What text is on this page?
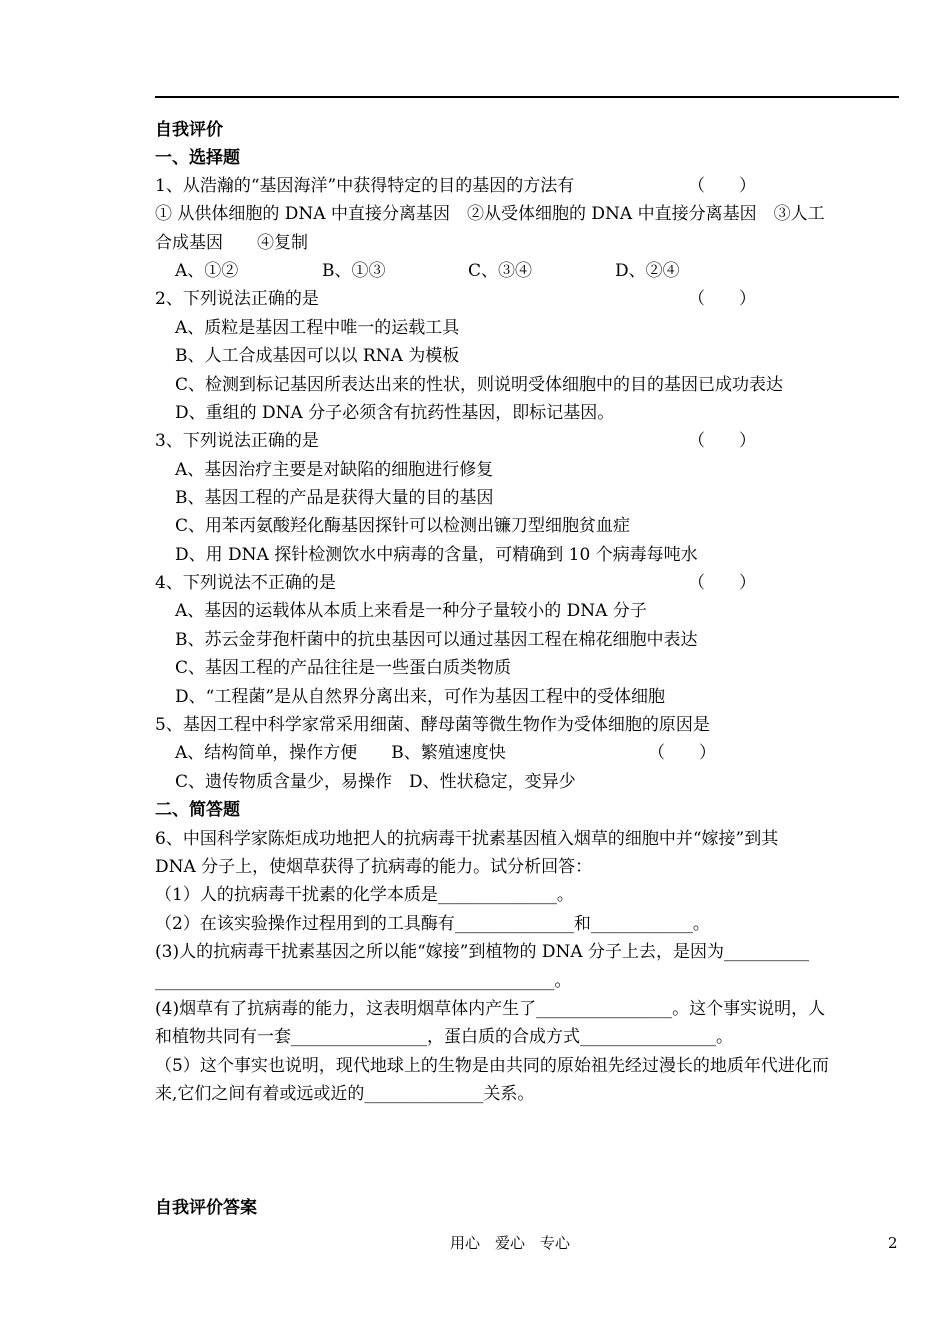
自我评价
一、选择题
1、从浩瀚的“基因海洋”中获得特定的目的基因的方法有	（　　）
① 从供体细胞的 DNA 中直接分离基因　②从受体细胞的 DNA 中直接分离基因　③人工
合成基因　　④复制
A、①②	B、①③	C、③④	D、②④
2、下列说法正确的是	（　　）
A、质粒是基因工程中唯一的运载工具
B、人工合成基因可以以 RNA 为模板
C、检测到标记基因所表达出来的性状，则说明受体细胞中的目的基因已成功表达
D、重组的 DNA 分子必须含有抗药性基因，即标记基因。
3、下列说法正确的是	（　　）
A、基因治疗主要是对缺陷的细胞进行修复
B、基因工程的产品是获得大量的目的基因
C、用苯丙氨酸羟化酶基因探针可以检测出镰刀型细胞贫血症
D、用 DNA 探针检测饮水中病毒的含量，可精确到 10 个病毒每吨水
4、下列说法不正确的是	（　　）
A、基因的运载体从本质上来看是一种分子量较小的 DNA 分子
B、苏云金芽孢杆菌中的抗虫基因可以通过基因工程在棉花细胞中表达
C、基因工程的产品往往是一些蛋白质类物质
D、“工程菌”是从自然界分离出来，可作为基因工程中的受体细胞
5、基因工程中科学家常采用细菌、酵母菌等微生物作为受体细胞的原因是
A、结构简单，操作方便　　B、繁殖速度快	（　　）
C、遗传物质含量少，易操作　D、性状稳定，变异少
二、简答题
6、中国科学家陈炬成功地把人的抗病毒干扰素基因植入烟草的细胞中并“嫁接”到其
DNA 分子上，使烟草获得了抗病毒的能力。试分析回答：
（1）人的抗病毒干扰素的化学本质是______________。
（2）在该实验操作过程用到的工具酶有______________和____________。
(3)人的抗病毒干扰素基因之所以能“嫁接”到植物的 DNA 分子上去，是因为__________
_______________________________________________。
(4)烟草有了抗病毒的能力，这表明烟草体内产生了________________。这个事实说明，人
和植物共同有一套________________，蛋白质的合成方式________________。
（5）这个事实也说明，现代地球上的生物是由共同的原始祖先经过漫长的地质年代进化而
来,它们之间有着或远或近的______________关系。
自我评价答案
用心　爱心　专心	2
